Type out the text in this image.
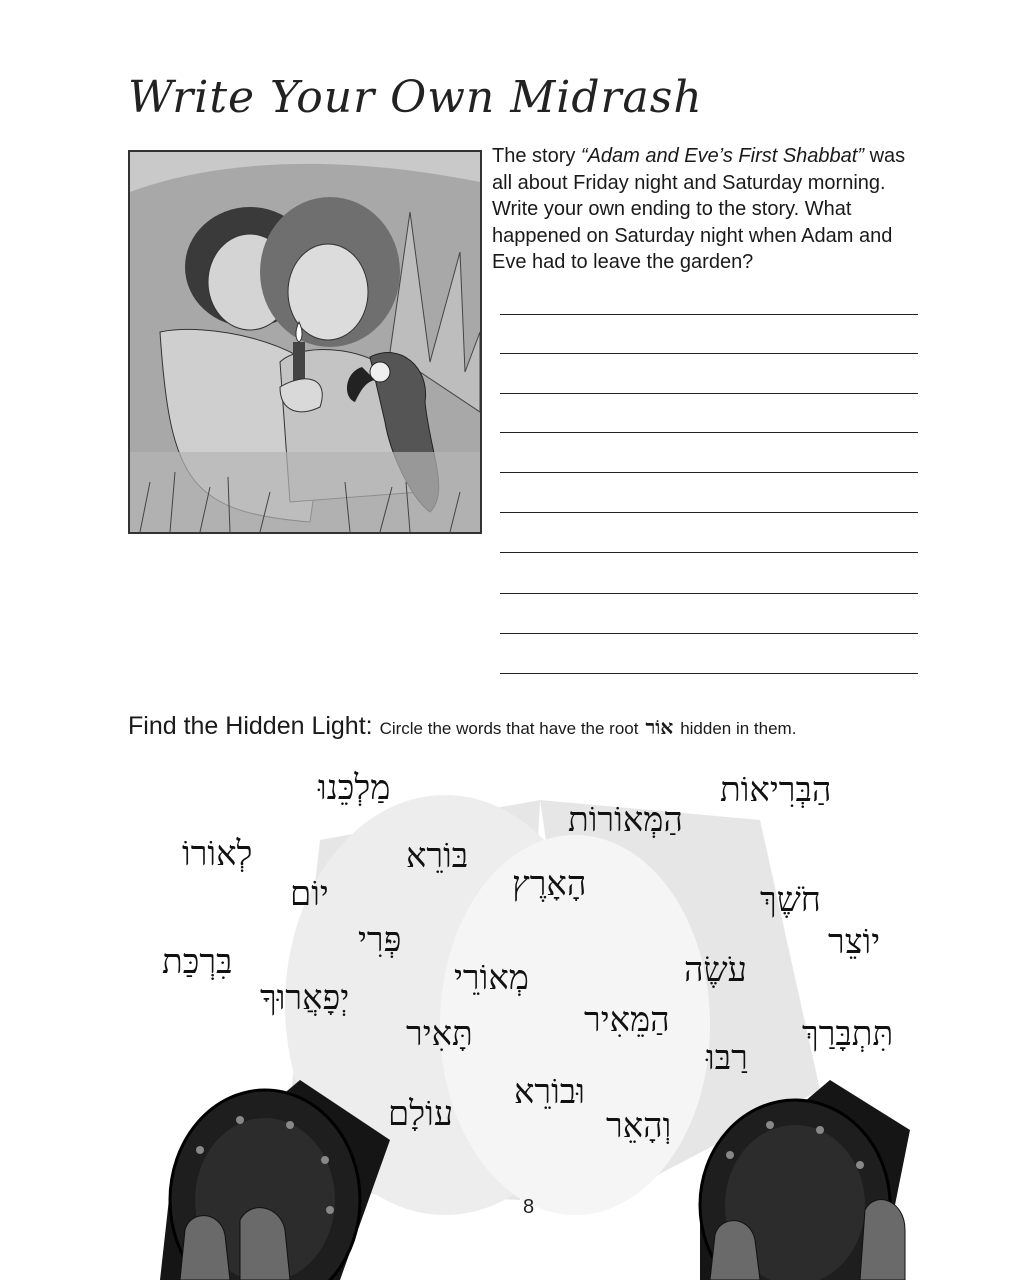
Write Your Own Midrash
The story “Adam and Eve’s First Shabbat” was all about Friday night and Saturday morning. Write your own ending to the story. What happened on Saturday night when Adam and Eve had to leave the garden?
Find the Hidden Light: Circle the words that have the root אוֹר hidden in them.
מַלְכֵּנוּ	הַבְּרִיאוֹת
הַמְּאוֹרוֹת
לְאוֹרוֹ	בּוֹרֵא
יוֹם	הָאָרֶץ	חֹשֶׁךְ
פְּרִי	יוֹצֵר
בִּרְכַּת	מְאוֹרֵי	עֹשֶׂה
יְפָאֲרוּךָ
הַמֵּאִיר
תָּאִיר	תִּתְבָּרַךְ
רַבּוּ
וּבוֹרֵא
עוֹלָם	וְהָאֵר
8
